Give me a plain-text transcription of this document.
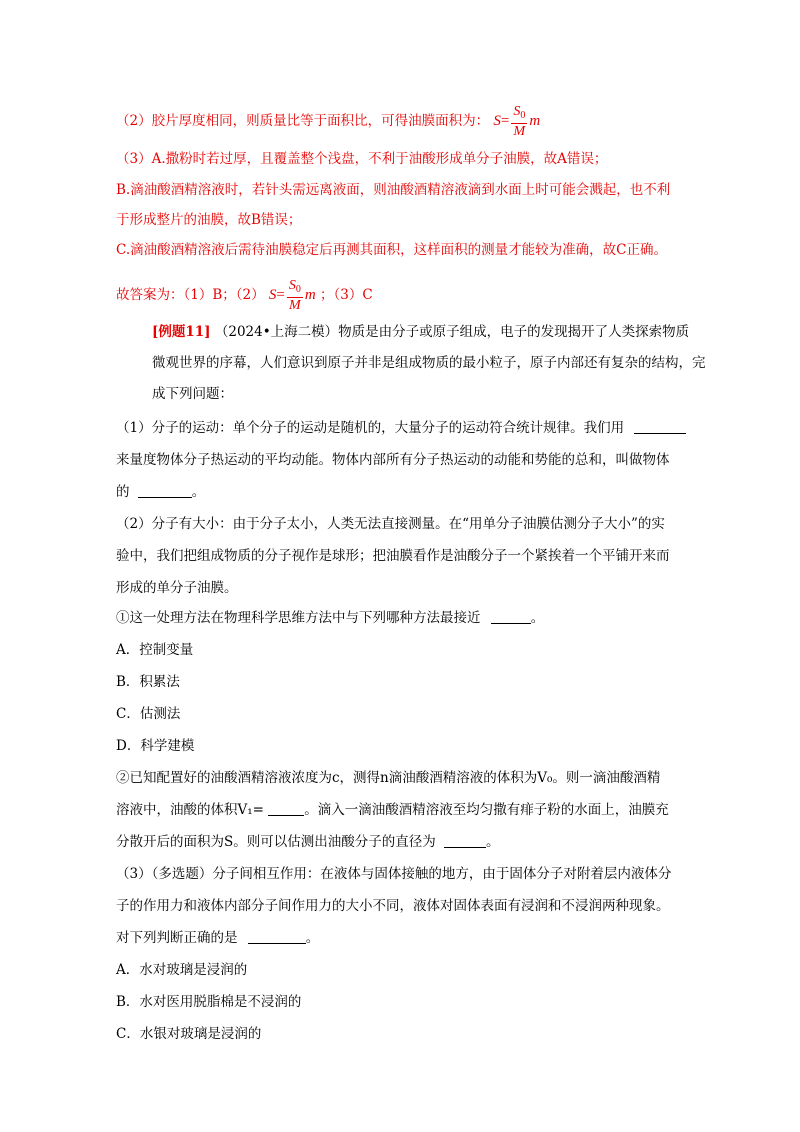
（2）胶片厚度相同，则质量比等于面积比，可得油膜面积为： $S= \frac{S_0}{M}$ m
（3）A.撒粉时若过厚，且覆盖整个浅盘，不利于油酸形成单分子油膜，故A错误；
B.滴油酸酒精溶液时，若针头需远离液面，则油酸酒精溶液滴到水面上时可能会溅起，也不利
于形成整片的油膜，故B错误；
C.滴油酸酒精溶液后需待油膜稳定后再测其面积，这样面积的测量才能较为准确，故C正确。
故答案为：（1）B；（2） $S= \frac{S_0}{M}$ m ；（3）C
[例题11] （2024•上海二模）物质是由分子或原子组成，电子的发现揭开了人类探索物质
微观世界的序幕，人们意识到原子并非是组成物质的最小粒子，原子内部还有复杂的结构，完
成下列问题：
（1）分子的运动：单个分子的运动是随机的，大量分子的运动符合统计规律。我们用
来量度物体分子热运动的平均动能。物体内部所有分子热运动的动能和势能的总和，叫做物体
的	。
（2）分子有大小：由于分子太小，人类无法直接测量。在“用单分子油膜估测分子大小”的实
验中，我们把组成物质的分子视作是球形；把油膜看作是油酸分子一个紧挨着一个平铺开来而
形成的单分子油膜。
①这一处理方法在物理科学思维方法中与下列哪种方法最接近	。
A．控制变量
B．积累法
C．估测法
D．科学建模
②已知配置好的油酸酒精溶液浓度为c，测得n滴油酸酒精溶液的体积为V₀。则一滴油酸酒精
溶液中，油酸的体积V₁=	。滴入一滴油酸酒精溶液至均匀撒有痱子粉的水面上，油膜充
分散开后的面积为S。则可以估测出油酸分子的直径为	。
（3）（多选题）分子间相互作用：在液体与固体接触的地方，由于固体分子对附着层内液体分
子的作用力和液体内部分子间作用力的大小不同，液体对固体表面有浸润和不浸润两种现象。
对下列判断正确的是	。
A．水对玻璃是浸润的
B．水对医用脱脂棉是不浸润的
C．水银对玻璃是浸润的
